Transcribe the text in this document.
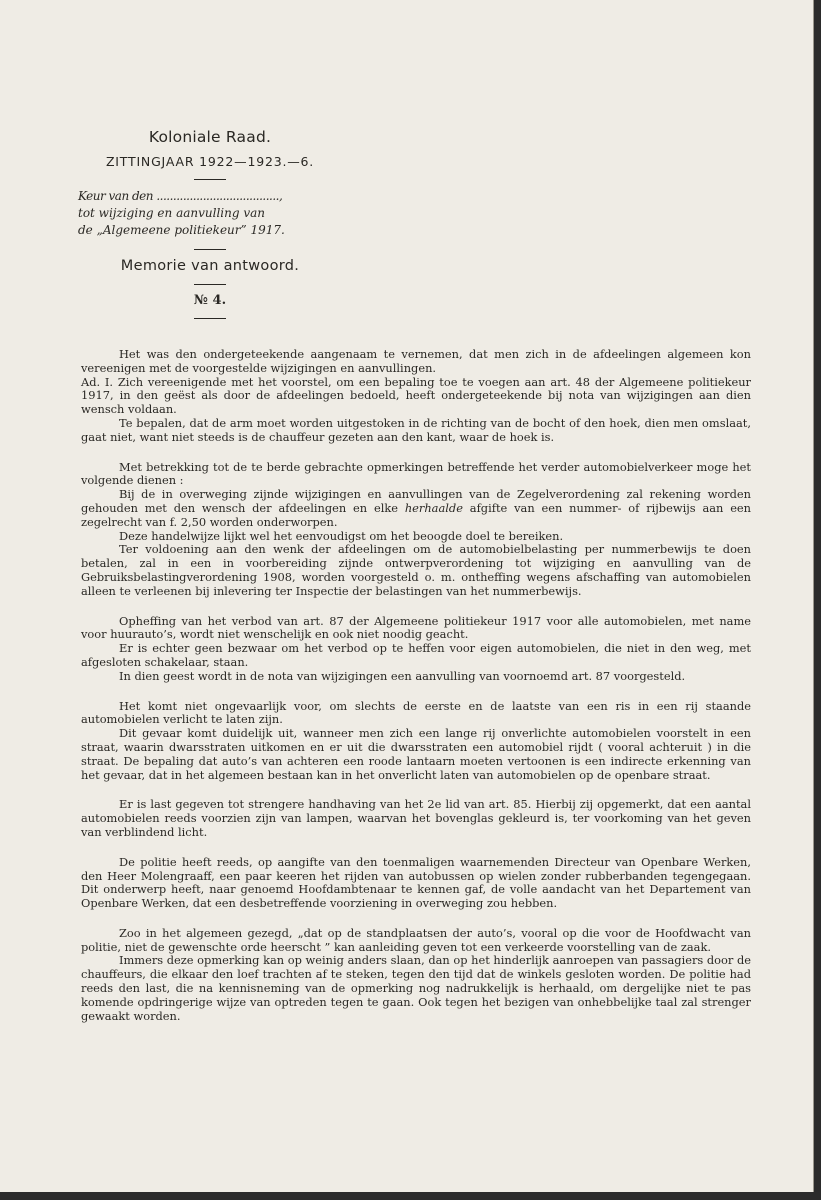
Koloniale Raad.
ZITTINGJAAR 1922—1923.—6.
Keur van den .....................................,
tot wijziging en aanvulling van
de „Algemeene politiekeur” 1917.
Memorie van antwoord.
№ 4.

Het was den ondergeteekende aangenaam te vernemen, dat men zich in de afdeelingen algemeen kon vereenigen met de voorgestelde wijzigingen en aanvullingen.

Ad. I. Zich vereenigende met het voorstel, om een bepaling toe te voegen aan art. 48 der Algemeene politiekeur 1917, in den geëst als door de afdeelingen bedoeld, heeft ondergeteekende bij nota van wijzigingen aan dien wensch voldaan.

Te bepalen, dat de arm moet worden uitgestoken in de richting van de bocht of den hoek, dien men omslaat, gaat niet, want niet steeds is de chauffeur gezeten aan den kant, waar de hoek is.

Met betrekking tot de te berde gebrachte opmerkingen betreffende het verder automobielverkeer moge het volgende dienen :

Bij de in overweging zijnde wijzigingen en aanvullingen van de Zegelverordening zal rekening worden gehouden met den wensch der afdeelingen en elke herhaalde afgifte van een nummer- of rijbewijs aan een zegelrecht van f. 2,50 worden onderworpen.

Deze handelwijze lijkt wel het eenvoudigst om het beoogde doel te bereiken.

Ter voldoening aan den wenk der afdeelingen om de automobielbelasting per nummerbewijs te doen betalen, zal in een in voorbereiding zijnde ontwerpverordening tot wijziging en aanvulling van de Gebruiksbelastingverordening 1908, worden voorgesteld o. m. ontheffing wegens afschaffing van automobielen alleen te verleenen bij inlevering ter Inspectie der belastingen van het nummerbewijs.

Opheffing van het verbod van art. 87 der Algemeene politiekeur 1917 voor alle automobielen, met name voor huurauto’s, wordt niet wenschelijk en ook niet noodig geacht.

Er is echter geen bezwaar om het verbod op te heffen voor eigen automobielen, die niet in den weg, met afgesloten schakelaar, staan.

In dien geest wordt in de nota van wijzigingen een aanvulling van voornoemd art. 87 voorgesteld.

Het komt niet ongevaarlijk voor, om slechts de eerste en de laatste van een ris in een rij staande automobielen verlicht te laten zijn.

Dit gevaar komt duidelijk uit, wanneer men zich een lange rij onverlichte automobielen voorstelt in een straat, waarin dwarsstraten uitkomen en er uit die dwarsstraten een automobiel rijdt ( vooral achteruit ) in die straat. De bepaling dat auto’s van achteren een roode lantaarn moeten vertoonen is een indirecte erkenning van het gevaar, dat in het algemeen bestaan kan in het onverlicht laten van automobielen op de openbare straat.

Er is last gegeven tot strengere handhaving van het 2e lid van art. 85. Hierbij zij opgemerkt, dat een aantal automobielen reeds voorzien zijn van lampen, waarvan het bovenglas gekleurd is, ter voorkoming van het geven van verblindend licht.

De politie heeft reeds, op aangifte van den toenmaligen waarnemenden Directeur van Openbare Werken, den Heer Molengraaff, een paar keeren het rijden van autobussen op wielen zonder rubberbanden tegengegaan. Dit onderwerp heeft, naar genoemd Hoofdambtenaar te kennen gaf, de volle aandacht van het Departement van Openbare Werken, dat een desbetreffende voorziening in overweging zou hebben.

Zoo in het algemeen gezegd, „dat op de standplaatsen der auto’s, vooral op die voor de Hoofdwacht van politie, niet de gewenschte orde heerscht ” kan aanleiding geven tot een verkeerde voorstelling van de zaak.

Immers deze opmerking kan op weinig anders slaan, dan op het hinderlijk aanroepen van passagiers door de chauffeurs, die elkaar den loef trachten af te steken, tegen den tijd dat de winkels gesloten worden. De politie had reeds den last, die na kennisneming van de opmerking nog nadrukkelijk is herhaald, om dergelijke niet te pas komende opdringerige wijze van optreden tegen te gaan. Ook tegen het bezigen van onhebbelijke taal zal strenger gewaakt worden.
